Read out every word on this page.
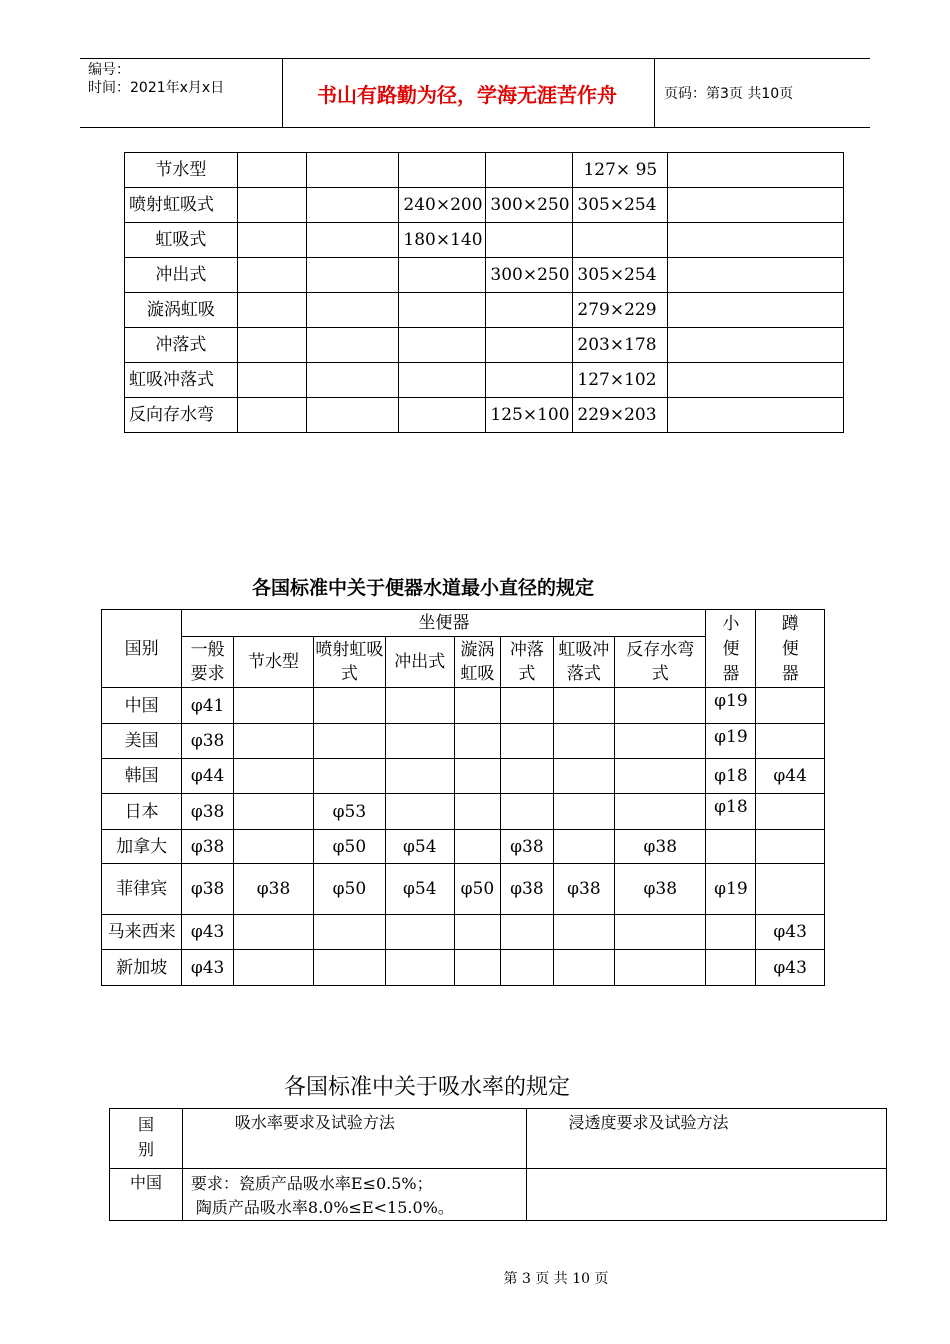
编号：
时间：2021年x月x日	书山有路勤为径，学海无涯苦作舟	页码：第3页 共10页
节水型					127× 95	
喷射虹吸式			240×200	300×250	305×254	
虹吸式			180×140			
冲出式				300×250	305×254	
漩涡虹吸					279×229	
冲落式					203×178	
虹吸冲落式					127×102	
反向存水弯				125×100	229×203	
各国标准中关于便器水道最小直径的规定
国别	坐便器								小便器	蹲便器
	一般要求	节水型	喷射虹吸式	冲出式	漩涡虹吸	冲落式	虹吸冲落式	反存水弯式		
中国	φ41								φ19	
美国	φ38								φ19	
韩国	φ44								φ18	φ44
日本	φ38		φ53						φ18	
加拿大	φ38		φ50	φ54		φ38		φ38		
菲律宾	φ38	φ38	φ50	φ54	φ50	φ38	φ38	φ38	φ19	
马来西来	φ43									φ43
新加坡	φ43									φ43
各国标准中关于吸水率的规定
国别	吸水率要求及试验方法	浸透度要求及试验方法
中国	要求：瓷质产品吸水率E≤0.5%；
陶质产品吸水率8.0%≤E<15.0%。	

第 3 页 共 10 页
